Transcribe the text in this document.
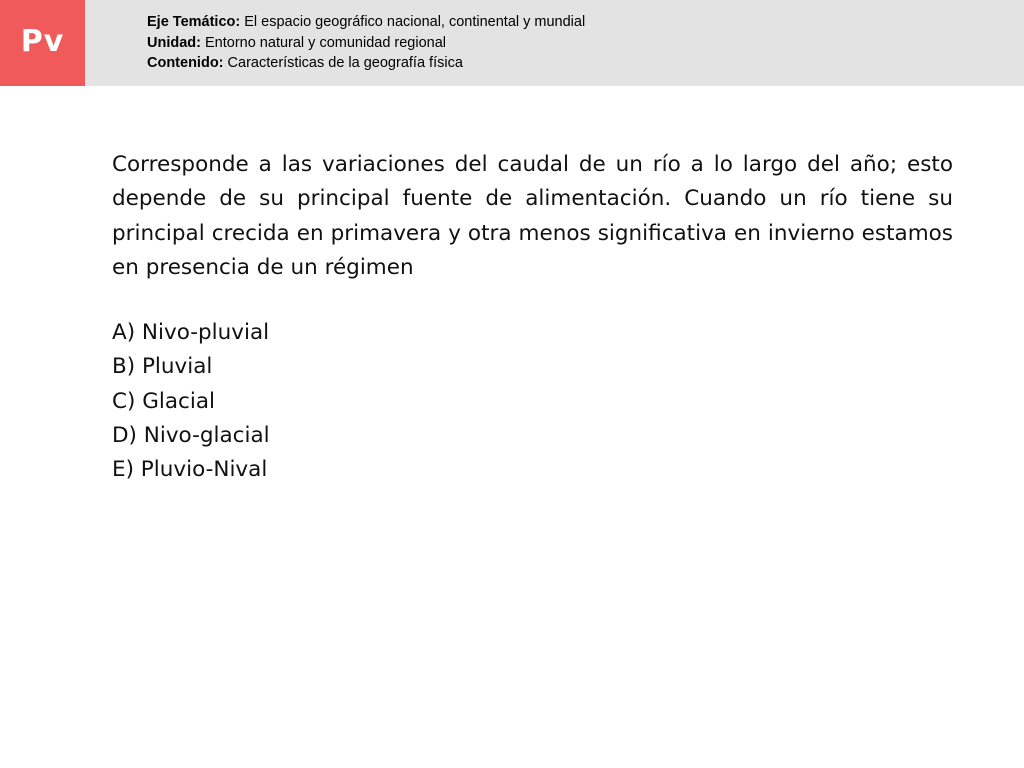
Pv
Eje Temático: El espacio geográfico nacional, continental y mundial
Unidad: Entorno natural y comunidad regional
Contenido: Características de la geografía física

Corresponde a las variaciones del caudal de un río a lo largo del año; esto depende de su principal fuente de alimentación. Cuando un río tiene su principal crecida en primavera y otra menos significativa en invierno estamos en presencia de un régimen

A) Nivo-pluvial
B) Pluvial
C) Glacial
D) Nivo-glacial
E) Pluvio-Nival
